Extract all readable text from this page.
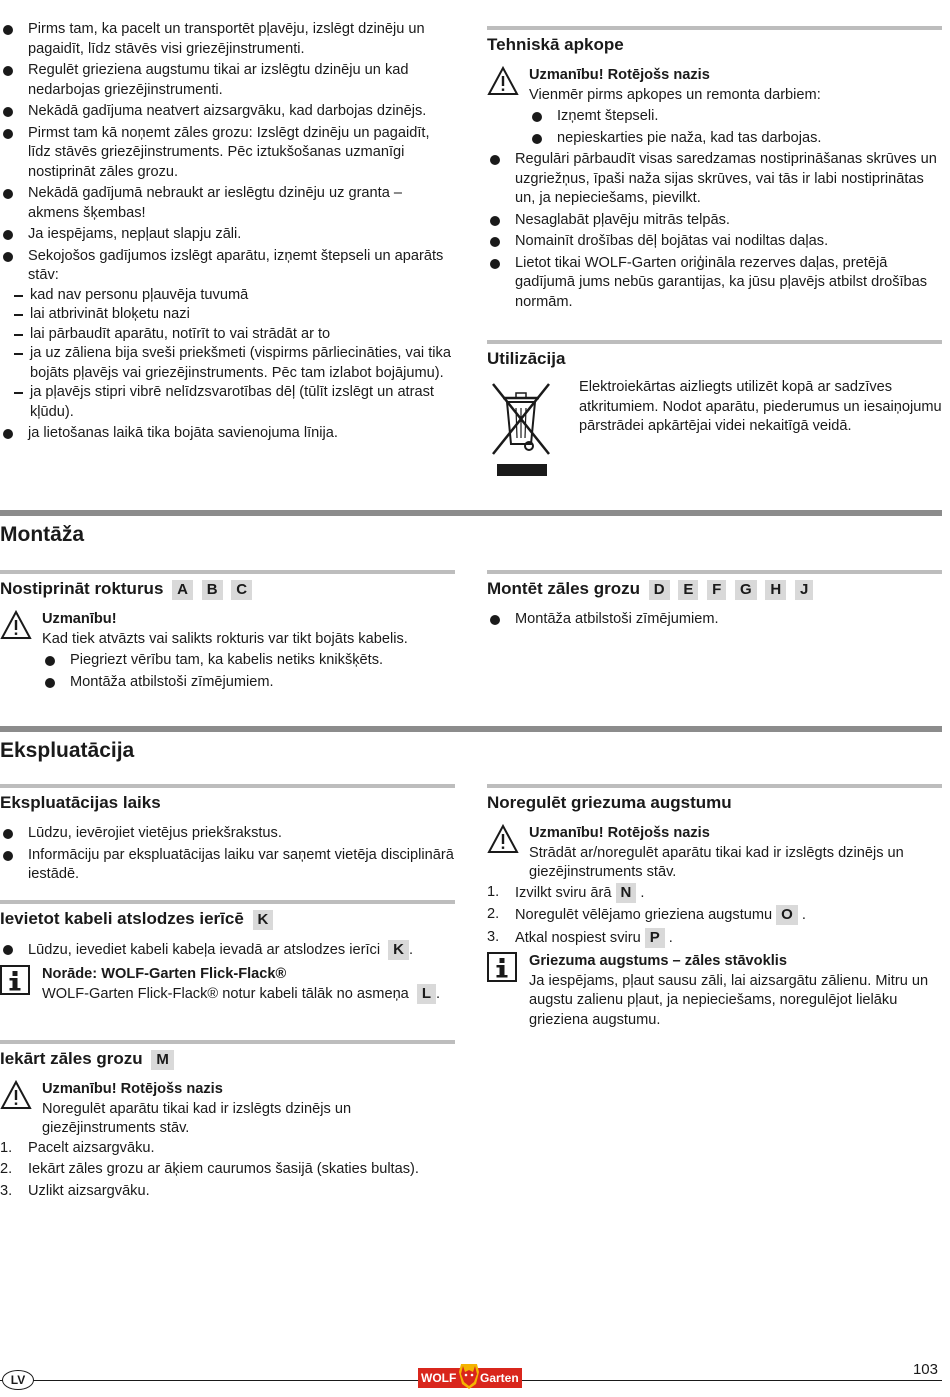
Pirms tam, ka pacelt un transportēt pļavēju, izslēgt dzinēju un pagaidīt, līdz stāvēs visi griezējinstrumenti.
Regulēt grieziena augstumu tikai ar izslēgtu dzinēju un kad nedarbojas griezējinstrumenti.
Nekādā gadījuma neatvert aizsargvāku, kad darbojas dzinējs.
Pirmst tam kā noņemt zāles grozu: Izslēgt dzinēju un pagaidīt, līdz stāvēs griezējinstruments. Pēc iztukšošanas uzmanīgi nostiprināt zāles grozu.
Nekādā gadījumā nebraukt ar ieslēgtu dzinēju uz granta – akmens šķembas!
Ja iespējams, nepļaut slapju zāli.
Sekojošos gadījumos izslēgt aparātu, izņemt štepseli un aparāts stāv:
kad nav personu pļauvēja tuvumā
lai atbrivināt bloķetu nazi
lai pārbaudīt aparātu, notīrīt to vai strādāt ar to
ja uz zāliena bija sveši priekšmeti (vispirms pārliecināties, vai tika bojāts pļavējs vai griezējinstruments. Pēc tam izlabot bojājumu).
ja pļavējs stipri vibrē nelīdzsvarotības dēļ (tūlīt izslēgt un atrast kļūdu).
ja lietošanas laikā tika bojāta savienojuma līnija.
Tehniskā apkope
Uzmanību! Rotējošs nazis
Vienmēr pirms apkopes un remonta darbiem:
Izņemt štepseli.
nepieskarties pie naža, kad tas darbojas.
Regulāri pārbaudīt visas saredzamas nostiprināšanas skrūves un uzgriežņus, īpaši naža sijas skrūves, vai tās ir labi nostiprinātas un, ja nepieciešams, pievilkt.
Nesaglabāt pļavēju mitrās telpās.
Nomainīt drošības dēļ bojātas vai nodiltas daļas.
Lietot tikai WOLF-Garten oriģināla rezerves daļas, pretējā gadījumā jums nebūs garantijas, ka jūsu pļavējs atbilst drošības normām.
Utilizācija
Elektroiekārtas aizliegts utilizēt kopā ar sadzīves atkritumiem. Nodot aparātu, piederumus un iesaiņojumu pārstrādei apkārtējai videi nekaitīgā veidā.
Montāža
Nostiprināt rokturus A B C
Uzmanību!
Kad tiek atvāzts vai salikts rokturis var tikt bojāts kabelis.
Piegriezt vērību tam, ka kabelis netiks knikšķēts.
Montāža atbilstoši zīmējumiem.
Montēt zāles grozu D E F G H J
Montāža atbilstoši zīmējumiem.
Ekspluatācija
Ekspluatācijas laiks
Lūdzu, ievērojiet vietējus priekšrakstus.
Informāciju par ekspluatācijas laiku var saņemt vietēja disciplinārā iestādē.
Ievietot kabeli atslodzes ierīcē K
Lūdzu, ievediet kabeli kabeļa ievadā ar atslodzes ierīci K .
Norāde: WOLF-Garten Flick-Flack®
WOLF-Garten Flick-Flack® notur kabeli tālāk no asmeņa L .
Iekārt zāles grozu M
Uzmanību! Rotējošs nazis
Noregulēt aparātu tikai kad ir izslēgts dzinējs un giezējinstruments stāv.
1. Pacelt aizsargvāku.
2. Iekārt zāles grozu ar āķiem caurumos šasijā (skaties bultas).
3. Uzlikt aizsargvāku.
Noregulēt griezuma augstumu
Uzmanību! Rotējošs nazis
Strādāt ar/noregulēt aparātu tikai kad ir izslēgts dzinējs un giezējinstruments stāv.
1. Izvilkt sviru ārā N .
2. Noregulēt vēlējamo grieziena augstumu O .
3. Atkal nospiest sviru P .
Griezuma augstums – zāles stāvoklis
Ja iespējams, pļaut sausu zāli, lai aizsargātu zālienu. Mitru un augstu zalienu pļaut, ja nepieciešams, noregulējot lielāku grieziena augstumu.
LV	WOLF Garten	103
